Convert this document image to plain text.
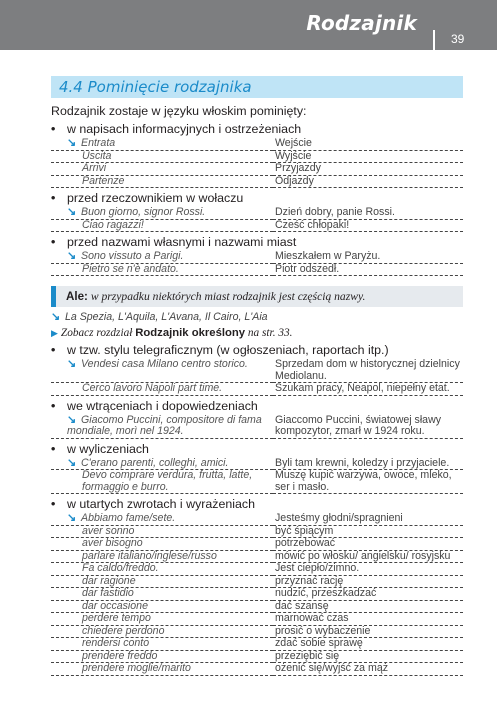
Rodzajnik
39
4.4 Pominięcie rodzajnika

Rodzajnik zostaje w języku włoskim pominięty:

• w napisach informacyjnych i ostrzeżeniach
↘ Entrata	Wejście
Uscita	Wyjście
Arrivi	Przyjazdy
Partenze	Odjazdy
• przed rzeczownikiem w wołaczu
↘ Buon giorno, signor Rossi.	Dzień dobry, panie Rossi.
Ciao ragazzi!	Cześć chłopaki!
• przed nazwami własnymi i nazwami miast
↘ Sono vissuto a Parigi.	Mieszkałem w Paryżu.
Pietro se n'è andato.	Piotr odszedł.
Ale: w przypadku niektórych miast rodzajnik jest częścią nazwy.

↘ La Spezia, L'Aquila, L'Avana, Il Cairo, L'Aia

▶ Zobacz rozdział Rodzajnik określony na str. 33.

• w tzw. stylu telegraficznym (w ogłoszeniach, raportach itp.)
↘ Vendesi casa Milano centro storico.	Sprzedam dom w historycznej dzielnicy Mediolanu.
Cerco lavoro Napoli part time.	Szukam pracy, Neapol, niepełny etat.
• we wtrąceniach i dopowiedzeniach
↘ Giacomo Puccini, compositore di fama mondiale, morì nel 1924.	Giaccomo Puccini, światowej sławy kompozytor, zmarł w 1924 roku.
• w wyliczeniach
↘ C'erano parenti, colleghi, amici.	Byli tam krewni, koledzy i przyjaciele.
Devo comprare verdura, frutta, latte, formaggio e burro.	Muszę kupić warzywa, owoce, mleko, ser i masło.
• w utartych zwrotach i wyrażeniach
↘ Abbiamo fame/sete.	Jesteśmy głodni/spragnieni
aver sonno	być śpiącym
aver bisogno	potrzebować
parlare italiano/inglese/russo	mówić po włosku/ angielsku/ rosyjsku
Fa caldo/freddo.	Jest ciepło/zimno.
dar ragione	przyznać rację
dar fastidio	nudzić, przeszkadzać
dar occasione	dać szansę
perdere tempo	marnować czas
chiedere perdono	prosić o wybaczenie
rendersi conto	zdać sobie sprawę
prendere freddo	przeziębić się
prendere moglie/marito	ożenić się/wyjść za mąż
